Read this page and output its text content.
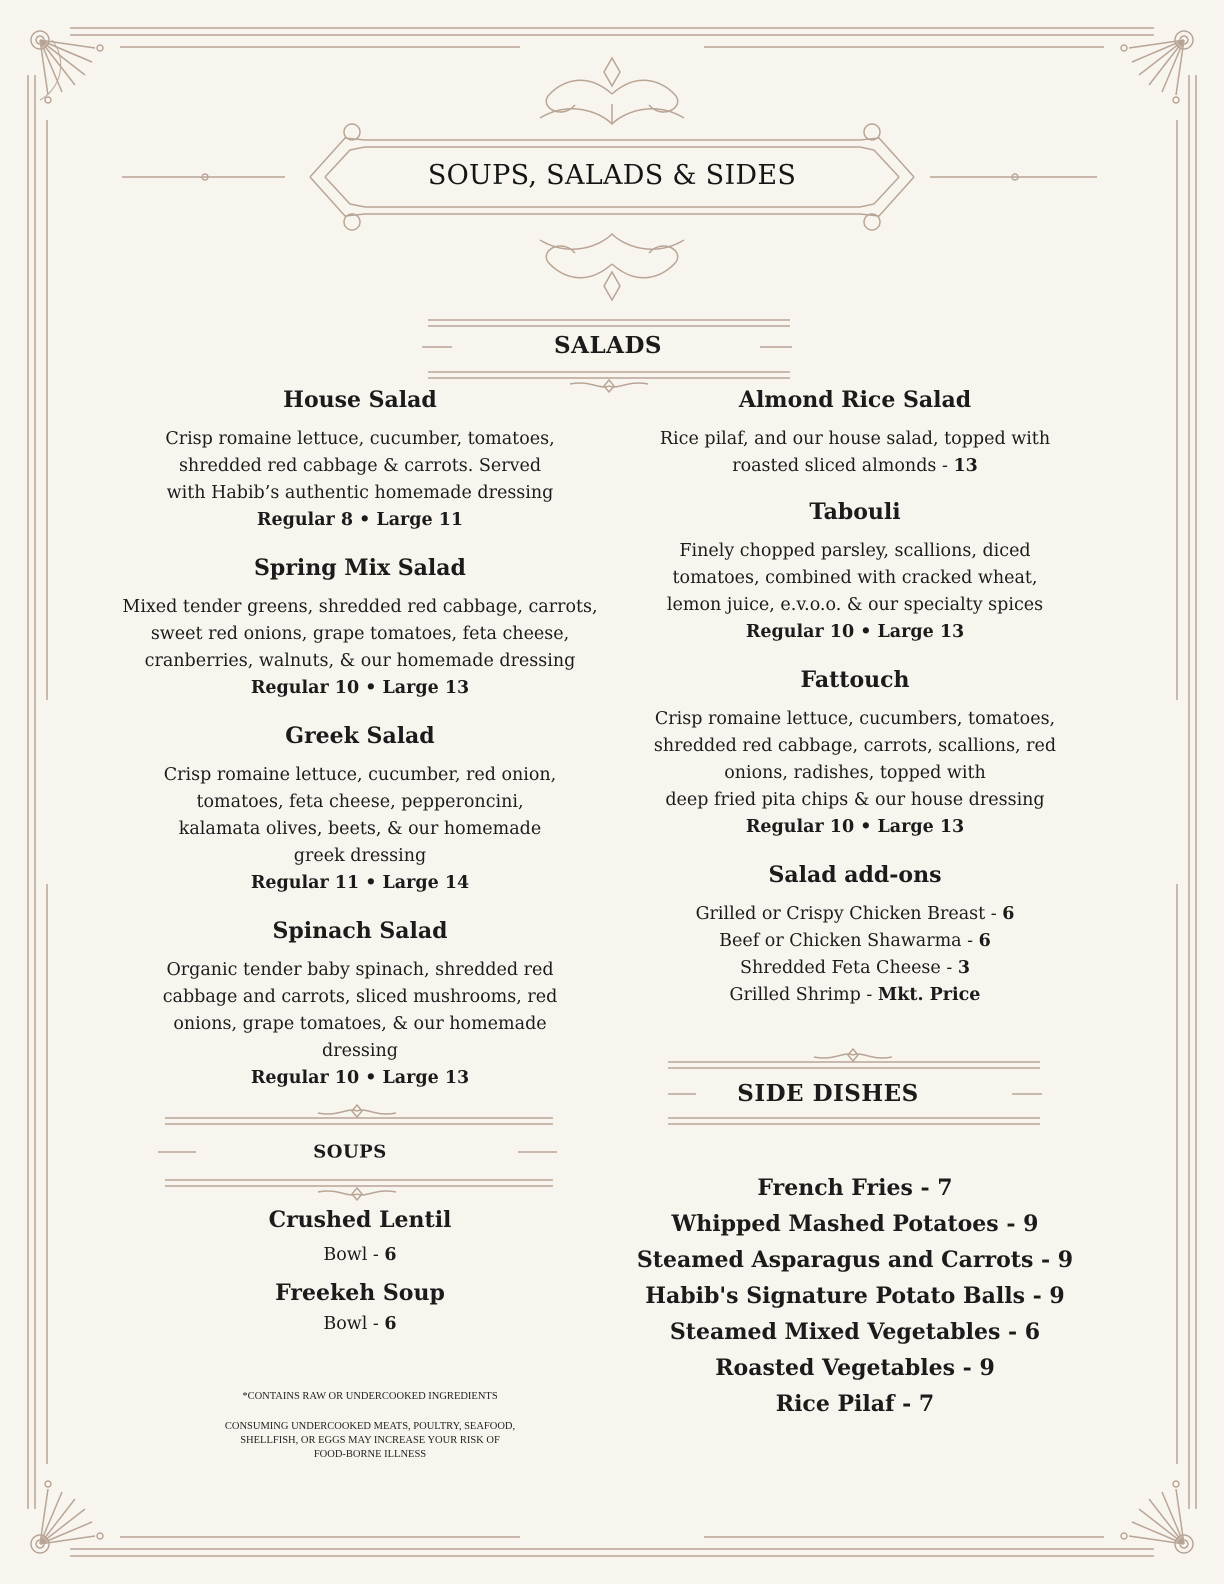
SOUPS, SALADS & SIDES
SALADS
House Salad

Crisp romaine lettuce, cucumber, tomatoes,

shredded red cabbage & carrots. Served

with Habib’s authentic homemade dressing

Regular 8 • Large 11
Spring Mix Salad

Mixed tender greens, shredded red cabbage, carrots,

sweet red onions, grape tomatoes, feta cheese,

cranberries, walnuts, & our homemade dressing

Regular 10 • Large 13
Greek Salad

Crisp romaine lettuce, cucumber, red onion,

tomatoes, feta cheese, pepperoncini,

kalamata olives, beets, & our homemade

greek dressing

Regular 11 • Large 14
Spinach Salad

Organic tender baby spinach, shredded red

cabbage and carrots, sliced mushrooms, red

onions, grape tomatoes, & our homemade

dressing

Regular 10 • Large 13
Almond Rice Salad

Rice pilaf, and our house salad, topped with

roasted sliced almonds - 13

Tabouli

Finely chopped parsley, scallions, diced

tomatoes, combined with cracked wheat,

lemon juice, e.v.o.o. & our specialty spices

Regular 10 • Large 13
Fattouch

Crisp romaine lettuce, cucumbers, tomatoes,

shredded red cabbage, carrots, scallions, red

onions, radishes, topped with

deep fried pita chips & our house dressing

Regular 10 • Large 13
Salad add-ons

Grilled or Crispy Chicken Breast - 6

Beef or Chicken Shawarma - 6

Shredded Feta Cheese - 3

Grilled Shrimp - Mkt. Price

SOUPS
Crushed Lentil
Bowl - 6
Freekeh Soup
Bowl - 6
*CONTAINS RAW OR UNDERCOOKED INGREDIENTS
CONSUMING UNDERCOOKED MEATS, POULTRY, SEAFOOD,
SHELLFISH, OR EGGS MAY INCREASE YOUR RISK OF
FOOD-BORNE ILLNESS
SIDE DISHES
French Fries - 7
Whipped Mashed Potatoes - 9
Steamed Asparagus and Carrots - 9
Habib's Signature Potato Balls - 9
Steamed Mixed Vegetables - 6
Roasted Vegetables - 9
Rice Pilaf - 7
